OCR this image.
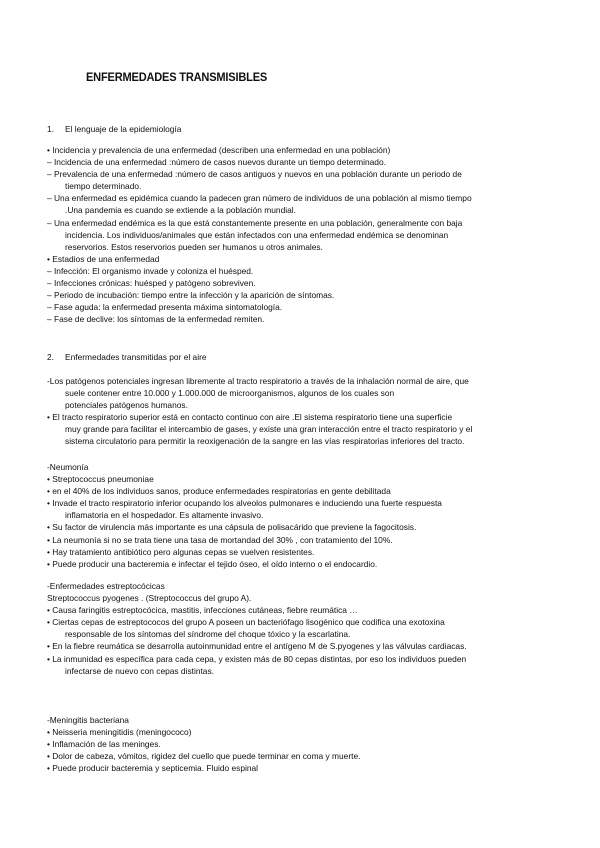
ENFERMEDADES TRANSMISIBLES
1. El lenguaje de la epidemiología
• Incidencia y prevalencia de una enfermedad (describen una enfermedad en una población)
– Incidencia de una enfermedad :número de casos nuevos durante un tiempo determinado.
– Prevalencia de una enfermedad :número de casos antiguos y nuevos en una población durante un periodo de
tiempo determinado.
– Una enfermedad es epidémica cuando la padecen gran número de individuos de una población al mismo tiempo
.Una pandemia es cuando se extiende a la población mundial.
– Una enfermedad endémica es la que está constantemente presente en una población, generalmente con baja
incidencia. Los individuos/animales que están infectados con una enfermedad endémica se denominan
reservorios. Estos reservorios pueden ser humanos u otros animales.
• Estadios de una enfermedad
– Infección: El organismo invade y coloniza el huésped.
– Infecciones crónicas: huésped y patógeno sobreviven.
– Periodo de incubación: tiempo entre la infección y la aparición de síntomas.
– Fase aguda: la enfermedad presenta máxima sintomatología.
– Fase de declive: los síntomas de la enfermedad remiten.
2. Enfermedades transmitidas por el aire
-Los patógenos potenciales ingresan libremente al tracto respiratorio a través de la inhalación normal de aire, que
suele contener entre 10.000 y 1.000.000 de microorganismos, algunos de los cuales son
potenciales patógenos humanos.
• El tracto respiratorio superior está en contacto continuo con aire .El sistema respiratorio tiene una superficie
muy grande para facilitar el intercambio de gases, y existe una gran interacción entre el tracto respiratorio y el
sistema circulatorio para permitir la reoxigenación de la sangre en las vías respiratorias inferiores del tracto.
-Neumonía
• Streptococcus pneumoniae
• en el 40% de los individuos sanos, produce enfermedades respiratorias en gente debilitada
• Invade el tracto respiratorio inferior ocupando los alveolos pulmonares e induciendo una fuerte respuesta
inflamatoria en el hospedador. Es altamente invasivo.
• Su factor de virulencia más importante es una cápsula de polisacárido que previene la fagocitosis.
• La neumonía si no se trata tiene una tasa de mortandad del 30% , con tratamiento del 10%.
• Hay tratamiento antibiótico pero algunas cepas se vuelven resistentes.
• Puede producir una bacteremia e infectar el tejido óseo, el oído interno o el endocardio.
-Enfermedades estreptocócicas
Streptococcus pyogenes . (Streptococcus del grupo A).
• Causa faringitis estreptocócica, mastitis, infecciones cutáneas, fiebre reumática …
• Ciertas cepas de estreptococos del grupo A poseen un bacteriófago lisogénico que codifica una exotoxina
responsable de los síntomas del síndrome del choque tóxico y la escarlatina.
• En la fiebre reumática se desarrolla autoinmunidad entre el antígeno M de S.pyogenes y las válvulas cardiacas.
• La inmunidad es específica para cada cepa, y existen más de 80 cepas distintas, por eso los individuos pueden
infectarse de nuevo con cepas distintas.
-Meningitis bacteriana
• Neisseria meningitidis (meningococo)
• Inflamación de las meninges.
• Dolor de cabeza, vómitos, rigidez del cuello que puede terminar en coma y muerte.
• Puede producir bacteremia y septicemia. Fluido espinal
